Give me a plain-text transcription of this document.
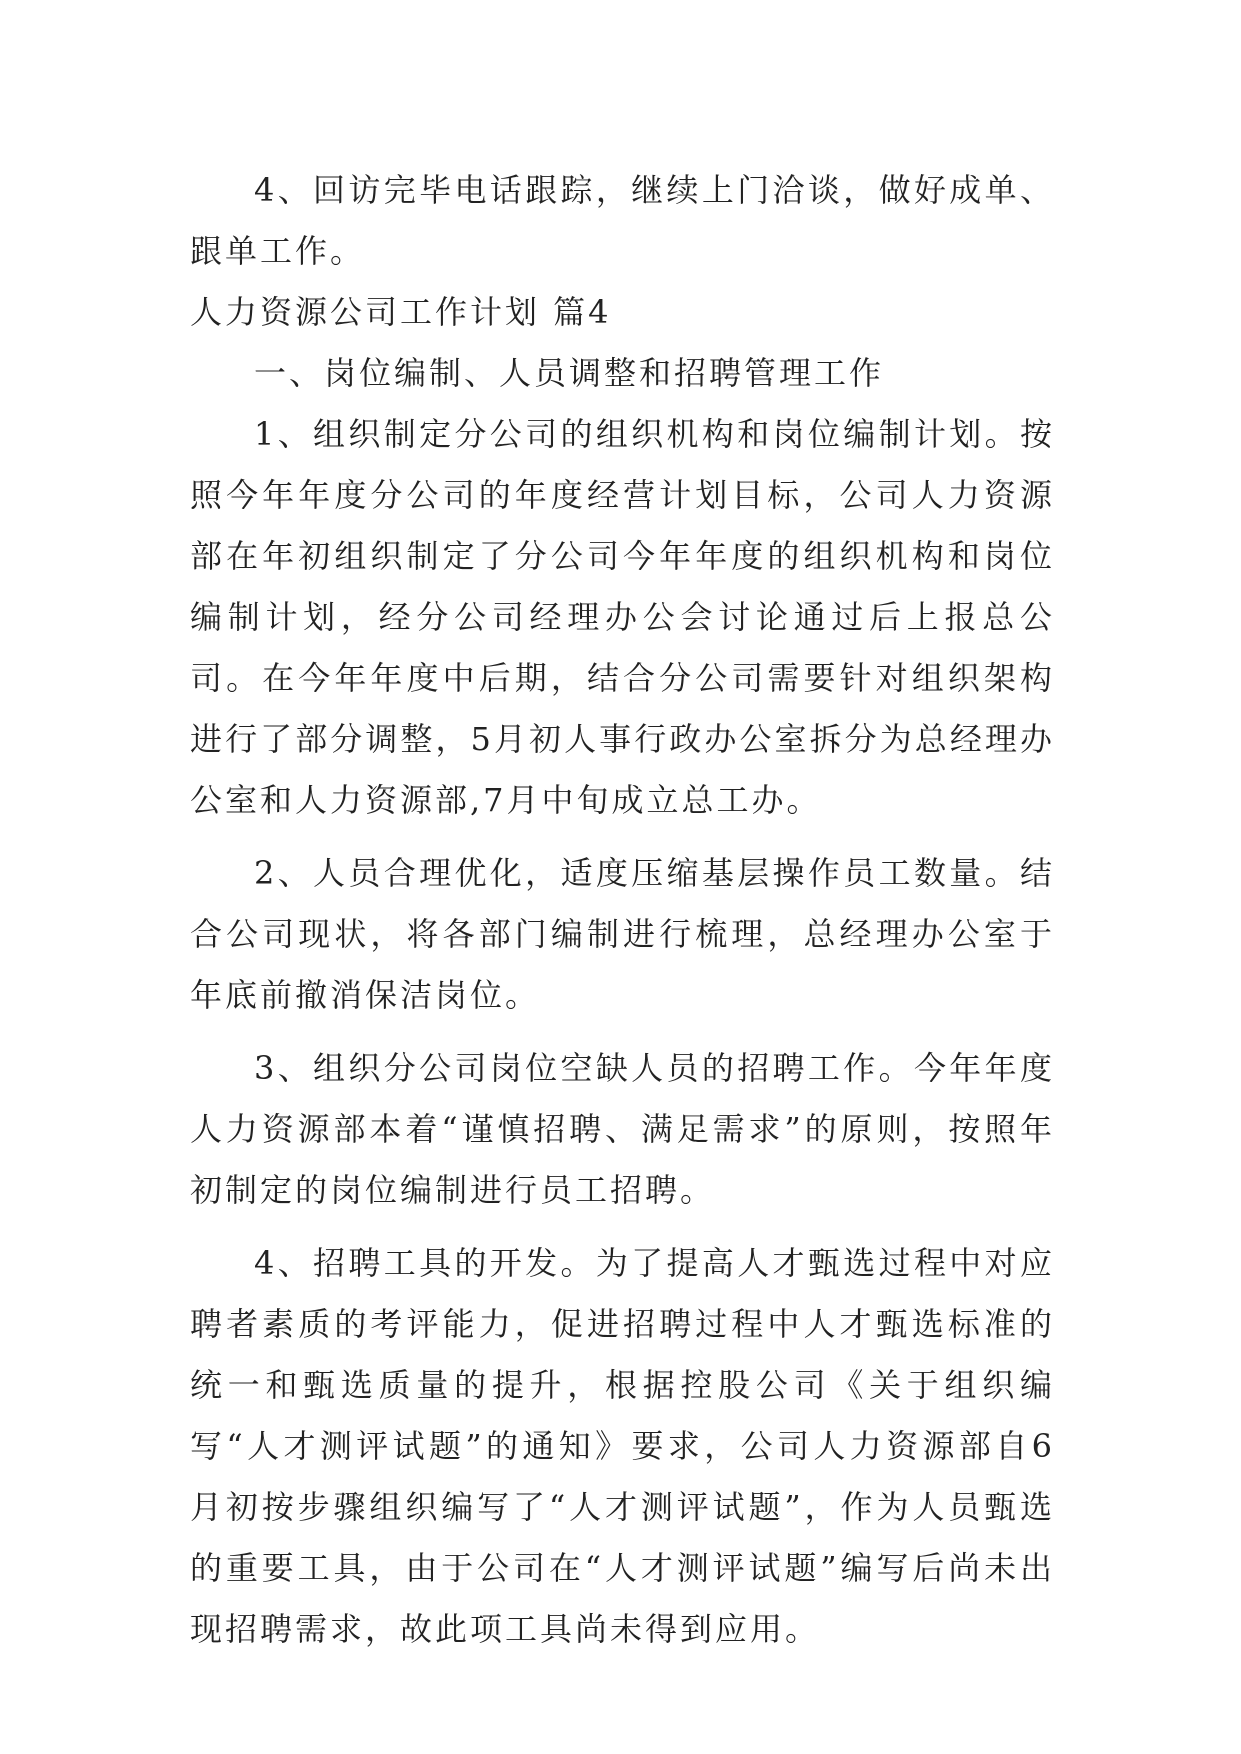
4、回访完毕电话跟踪，继续上门洽谈，做好成单、跟单工作。

人力资源公司工作计划 篇4

一、岗位编制、人员调整和招聘管理工作

1、组织制定分公司的组织机构和岗位编制计划。按照今年年度分公司的年度经营计划目标，公司人力资源部在年初组织制定了分公司今年年度的组织机构和岗位编制计划，经分公司经理办公会讨论通过后上报总公司。在今年年度中后期，结合分公司需要针对组织架构进行了部分调整，5月初人事行政办公室拆分为总经理办公室和人力资源部,7月中旬成立总工办。

2、人员合理优化，适度压缩基层操作员工数量。结合公司现状，将各部门编制进行梳理，总经理办公室于年底前撤消保洁岗位。

3、组织分公司岗位空缺人员的招聘工作。今年年度人力资源部本着“谨慎招聘、满足需求”的原则，按照年初制定的岗位编制进行员工招聘。

4、招聘工具的开发。为了提高人才甄选过程中对应聘者素质的考评能力，促进招聘过程中人才甄选标准的统一和甄选质量的提升，根据控股公司《关于组织编写“人才测评试题”的通知》要求，公司人力资源部自6月初按步骤组织编写了“人才测评试题”，作为人员甄选的重要工具，由于公司在“人才测评试题”编写后尚未出现招聘需求，故此项工具尚未得到应用。
